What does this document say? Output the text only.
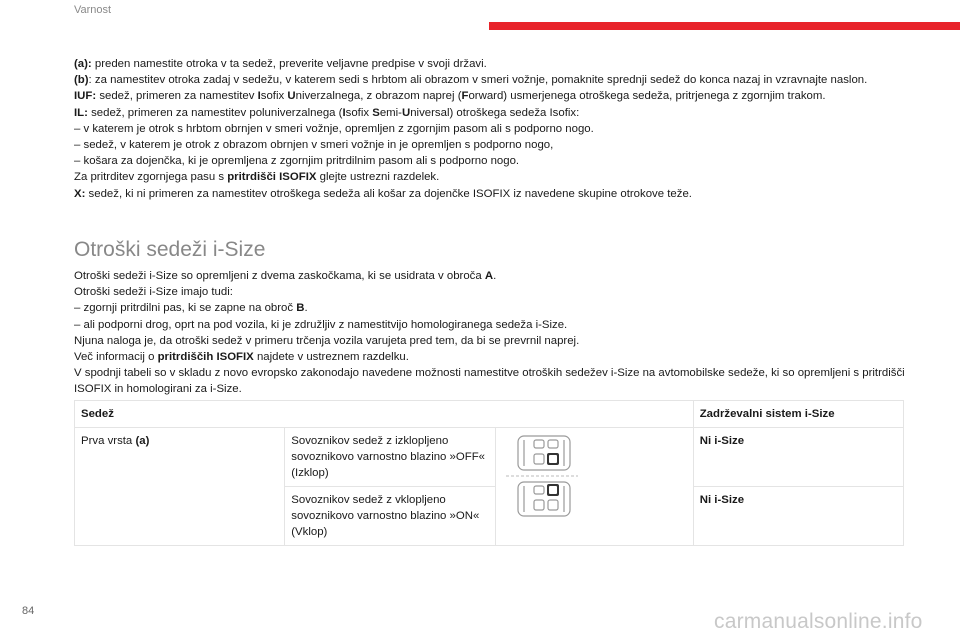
Varnost

(a): preden namestite otroka v ta sedež, preverite veljavne predpise v svoji državi.

(b): za namestitev otroka zadaj v sedežu, v katerem sedi s hrbtom ali obrazom v smeri vožnje, pomaknite sprednji sedež do konca nazaj in vzravnajte naslon.

IUF: sedež, primeren za namestitev Isofix Univerzalnega, z obrazom naprej (Forward) usmerjenega otroškega sedeža, pritrjenega z zgornjim trakom.

IL: sedež, primeren za namestitev poluniverzalnega (Isofix Semi-Universal) otroškega sedeža Isofix:

– v katerem je otrok s hrbtom obrnjen v smeri vožnje, opremljen z zgornjim pasom ali s podporno nogo.

– sedež, v katerem je otrok z obrazom obrnjen v smeri vožnje in je opremljen s podporno nogo,

– košara za dojenčka, ki je opremljena z zgornjim pritrdilnim pasom ali s podporno nogo.

Za pritrditev zgornjega pasu s pritrdišči ISOFIX glejte ustrezni razdelek.

X: sedež, ki ni primeren za namestitev otroškega sedeža ali košar za dojenčke ISOFIX iz navedene skupine otrokove teže.

Otroški sedeži i-Size

Otroški sedeži i-Size so opremljeni z dvema zaskočkama, ki se usidrata v obroča A.

Otroški sedeži i-Size imajo tudi:

– zgornji pritrdilni pas, ki se zapne na obroč B.

– ali podporni drog, oprt na pod vozila, ki je združljiv z namestitvijo homologiranega sedeža i-Size.

Njuna naloga je, da otroški sedež v primeru trčenja vozila varujeta pred tem, da bi se prevrnil naprej.

Več informacij o pritrdiščih ISOFIX najdete v ustreznem razdelku.

V spodnji tabeli so v skladu z novo evropsko zakonodajo navedene možnosti namestitve otroških sedežev i-Size na avtomobilske sedeže, ki so opremljeni s pritrdišči ISOFIX in homologirani za i-Size.

Sedež			Zadrževalni sistem i-Size
Prva vrsta (a)	Sovoznikov sedež z izklopljeno sovoznikovo varnostno blazino »OFF« (Izklop)		Ni i-Size
	Sovoznikov sedež z vklopljeno sovoznikovo varnostno blazino »ON« (Vklop)		Ni i-Size
84	carmanualsonline.info
